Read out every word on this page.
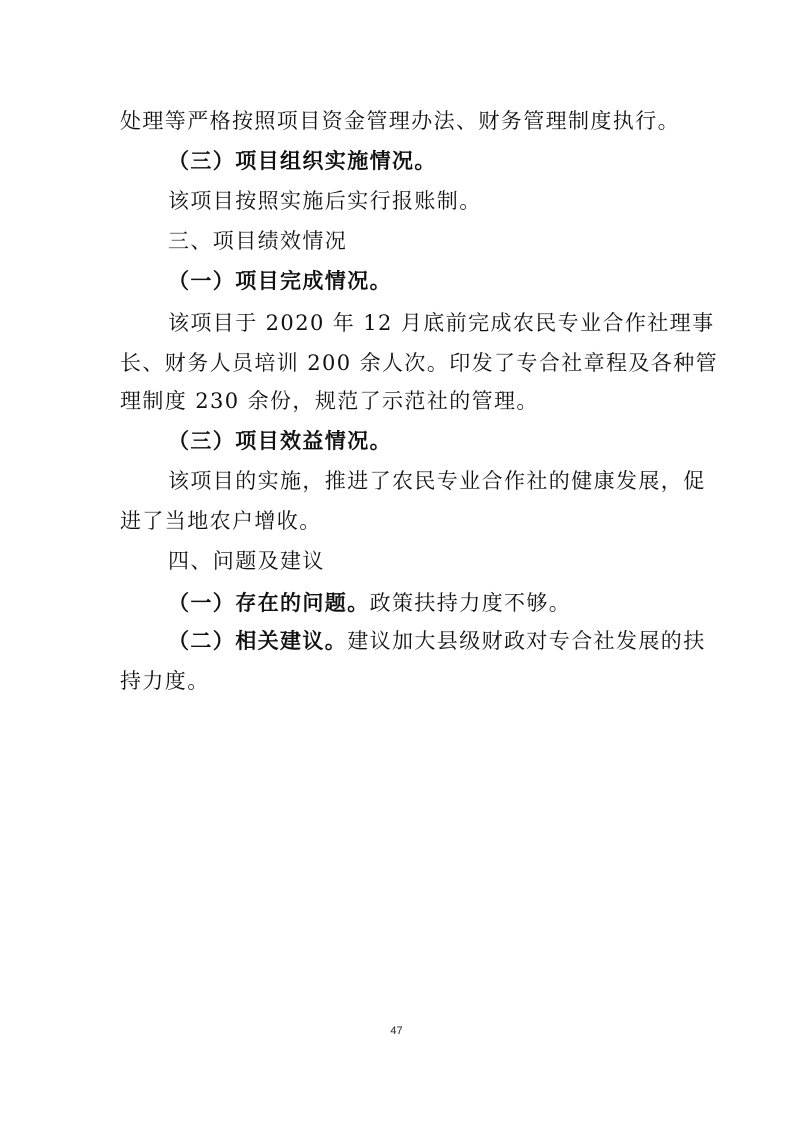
处理等严格按照项目资金管理办法、财务管理制度执行。
（三）项目组织实施情况。
该项目按照实施后实行报账制。
三、项目绩效情况
（一）项目完成情况。
该项目于 2020 年 12 月底前完成农民专业合作社理事
长、财务人员培训 200 余人次。印发了专合社章程及各种管
理制度 230 余份，规范了示范社的管理。
（三）项目效益情况。
该项目的实施，推进了农民专业合作社的健康发展，促
进了当地农户增收。
四、问题及建议
（一）存在的问题。政策扶持力度不够。
（二）相关建议。建议加大县级财政对专合社发展的扶
持力度。
47
